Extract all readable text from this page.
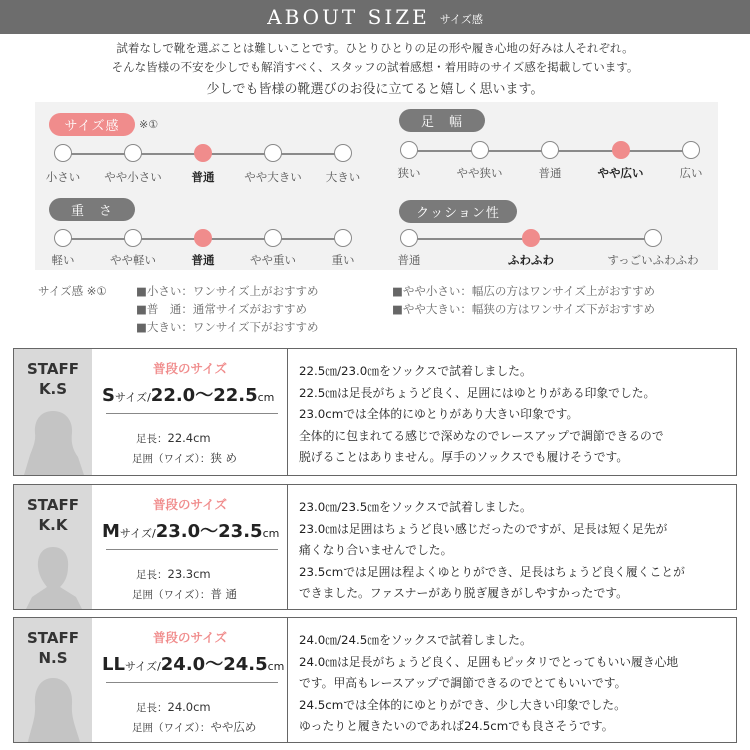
ABOUT SIZE サイズ感
試着なしで靴を選ぶことは難しいことです。ひとりひとりの足の形や履き心地の好みは人それぞれ。
そんな皆様の不安を少しでも解消すべく、スタッフの試着感想・着用時のサイズ感を掲載しています。
少しでも皆様の靴選びのお役に立てると嬉しく思います。
サイズ感	※①	足　幅
重　さ	クッション性
小さい	やや小さい	普通	やや大きい	大きい	狭い	やや狭い	普通	やや広い	広い
軽い	やや軽い	普通	やや重い	重い	普通	ふわふわ	すっごいふわふわ
サイズ感 ※①	■小さい：ワンサイズ上がおすすめ
■普　通：通常サイズがおすすめ
■大きい：ワンサイズ下がおすすめ
■やや小さい：幅広の方はワンサイズ上がおすすめ
■やや大きい：幅狭の方はワンサイズ下がおすすめ
STAFF
K.S
普段のサイズ
Sサイズ/22.0〜22.5cm
足長：22.4cm
足囲（ワイズ）：狭 め
22.5㎝/23.0㎝をソックスで試着しました。
22.5㎝は足長がちょうど良く、足囲にはゆとりがある印象でした。
23.0cmでは全体的にゆとりがあり大きい印象です。
全体的に包まれてる感じで深めなのでレースアップで調節できるので
脱げることはありません。厚手のソックスでも履けそうです。
STAFF
K.K
普段のサイズ
Mサイズ/23.0〜23.5cm
足長：23.3cm
足囲（ワイズ）：普 通
23.0㎝/23.5㎝をソックスで試着しました。
23.0㎝は足囲はちょうど良い感じだったのですが、足長は短く足先が
痛くなり合いませんでした。
23.5cmでは足囲は程よくゆとりができ、足長はちょうど良く履くことが
できました。ファスナーがあり脱ぎ履きがしやすかったです。
STAFF
N.S
普段のサイズ
LLサイズ/24.0〜24.5cm
足長：24.0cm
足囲（ワイズ）：やや広め
24.0㎝/24.5㎝をソックスで試着しました。
24.0㎝は足長がちょうど良く、足囲もピッタリでとってもいい履き心地
です。甲高もレースアップで調節できるのでとてもいいです。
24.5cmでは全体的にゆとりができ、少し大きい印象でした。
ゆったりと履きたいのであれば24.5cmでも良さそうです。
